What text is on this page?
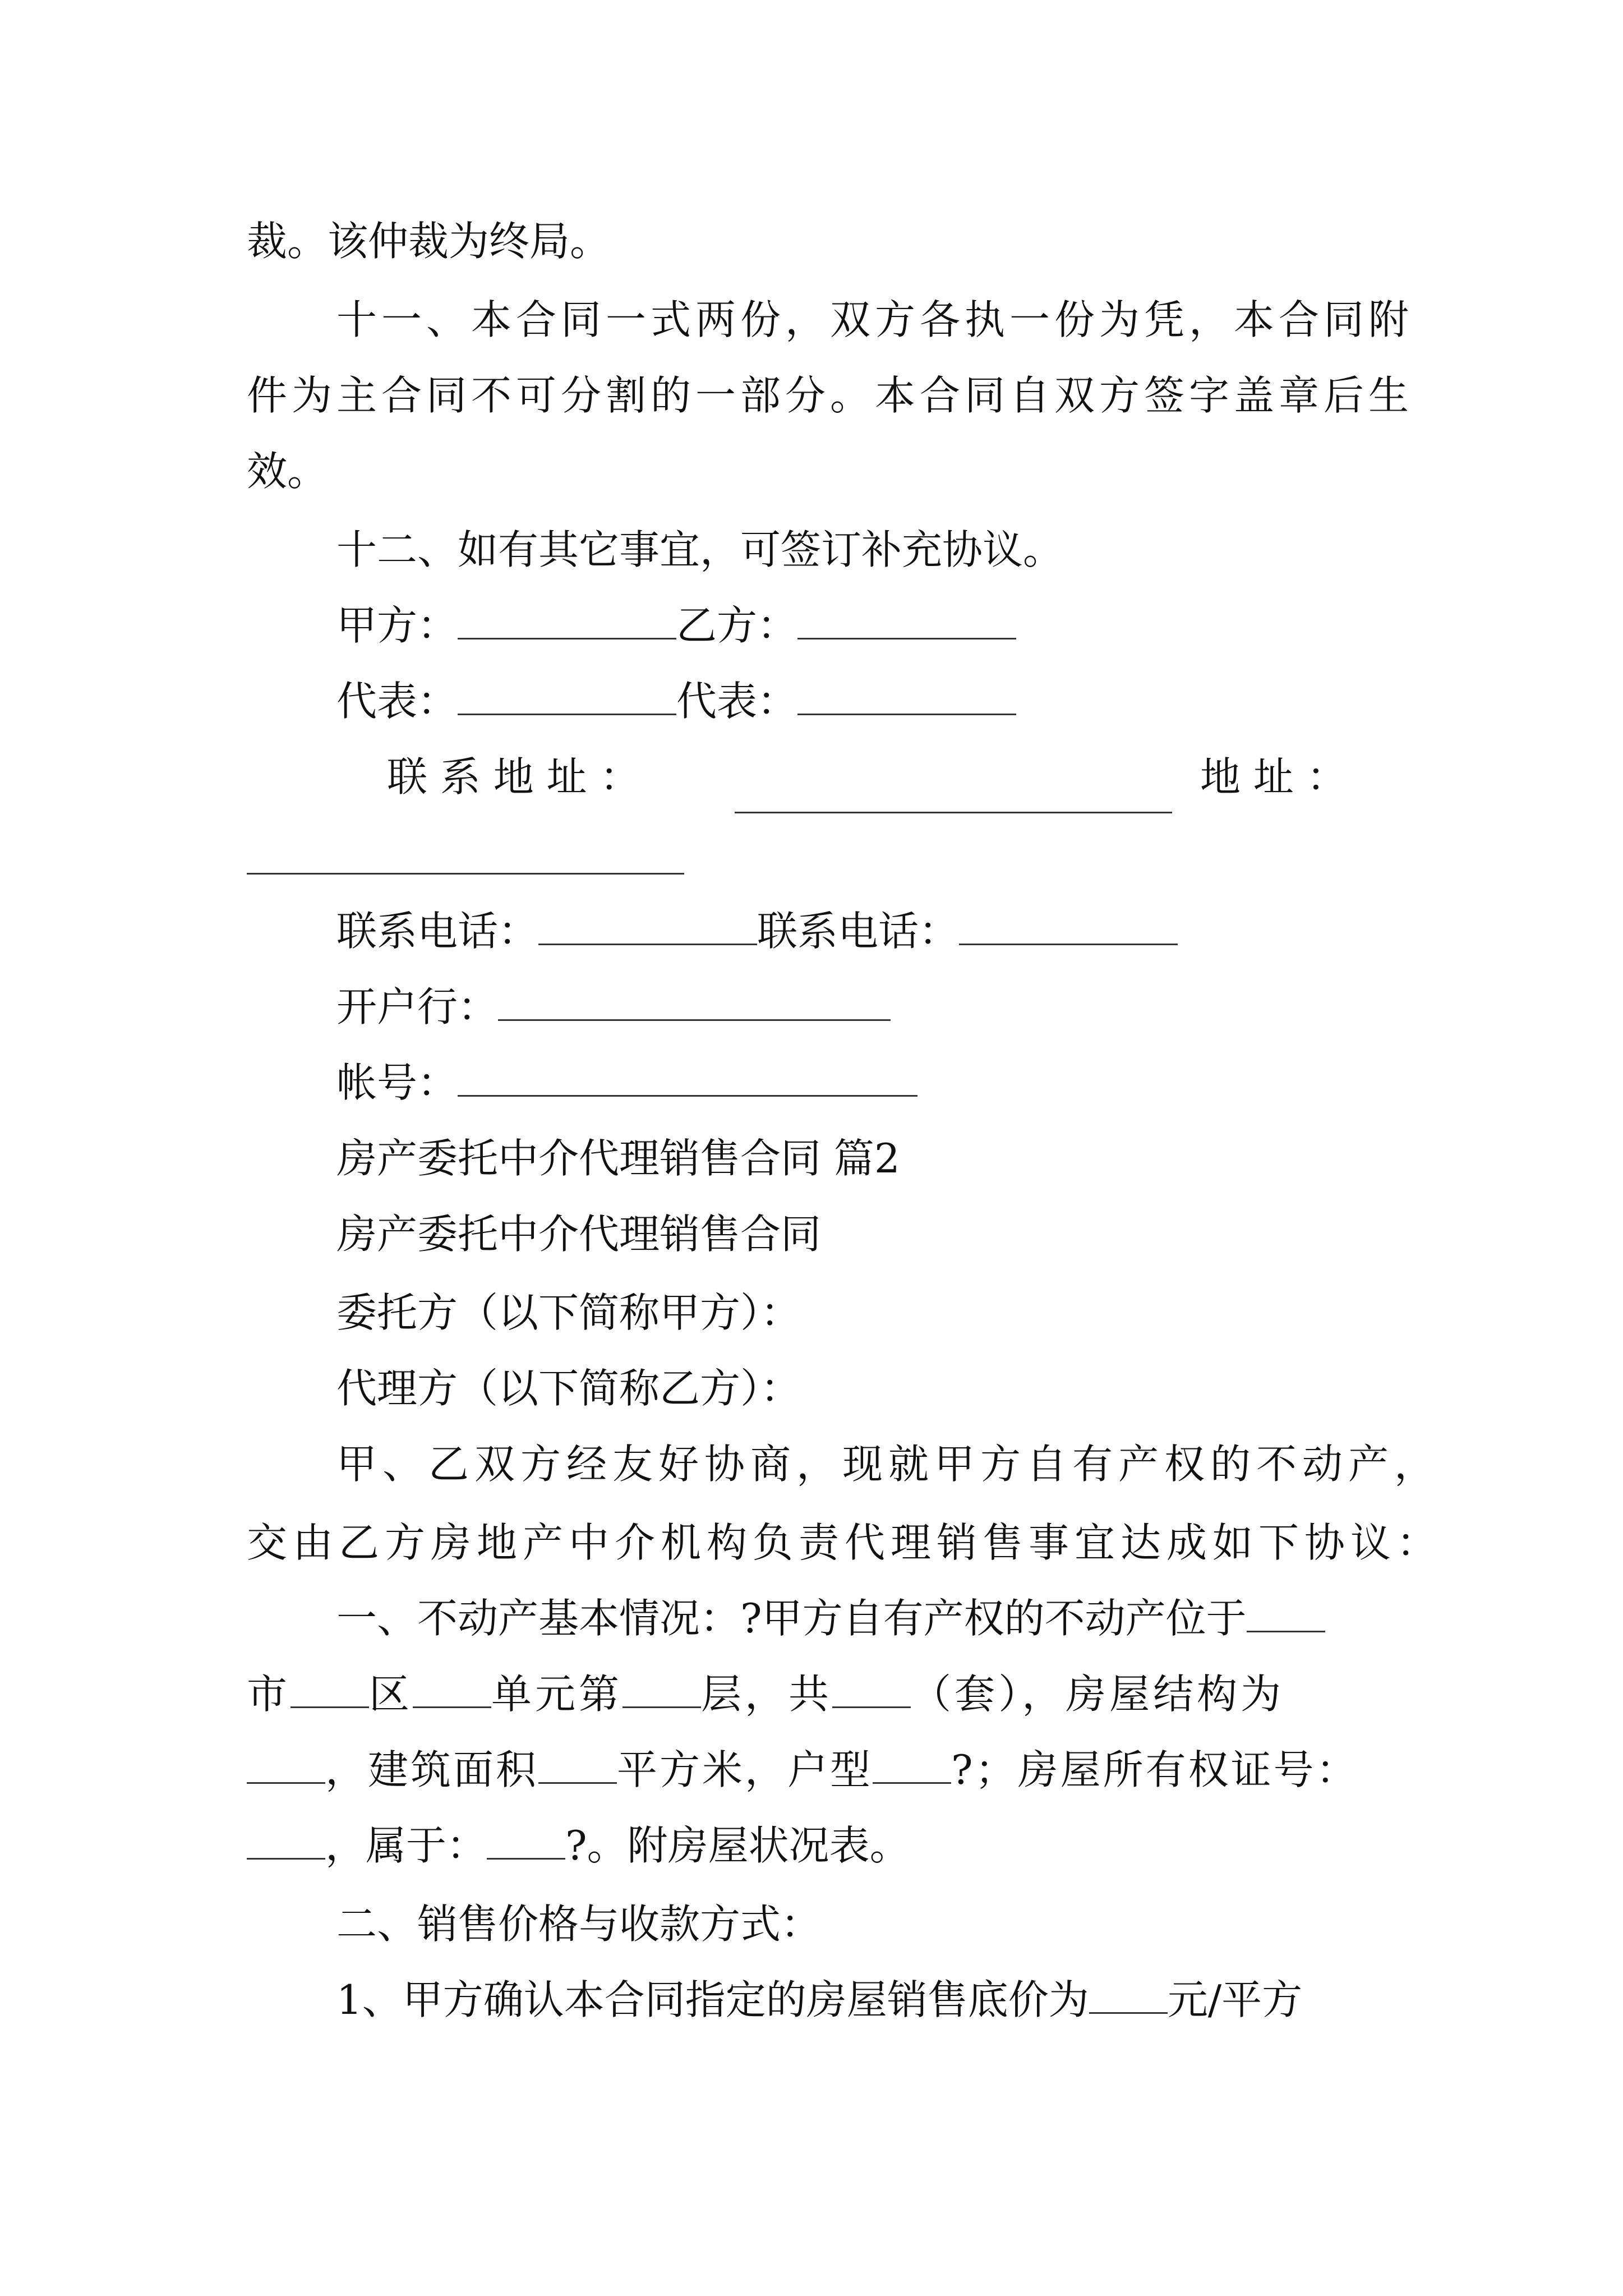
裁。该仲裁为终局。
十一、本合同一式两份，双方各执一份为凭，本合同附
件为主合同不可分割的一部分。本合同自双方签字盖章后生
效。
十二、如有其它事宜，可签订补充协议。
甲方：	乙方：
代表：	代表：
联 系 地 址 ：	地 址 ：
联系电话：	联系电话：
开户行：
帐号：
房产委托中介代理销售合同 篇2
房产委托中介代理销售合同
委托方（以下简称甲方）：
代理方（以下简称乙方）：
甲、乙双方经友好协商，现就甲方自有产权的不动产，
交由乙方房地产中介机构负责代理销售事宜达成如下协议：
一、不动产基本情况：?甲方自有产权的不动产位于
市 区 单元第 层，共 （套），房屋结构为
，建筑面积 平方米，户型 ?；房屋所有权证号：
，属于： ?。附房屋状况表。
二、销售价格与收款方式：
1、甲方确认本合同指定的房屋销售底价为 元/平方
